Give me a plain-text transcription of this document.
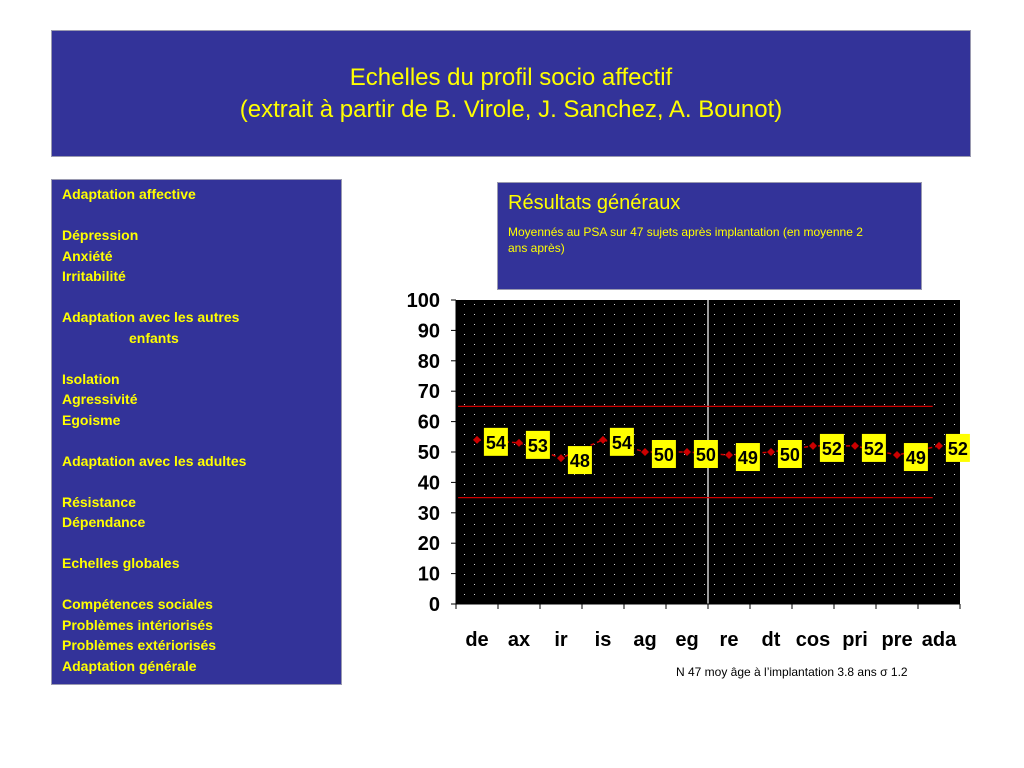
Echelles du profil socio affectif
(extrait à partir de B. Virole, J. Sanchez, A. Bounot)
Adaptation affective
Dépression
Anxiété
Irritabilité
Adaptation avec les autres
enfants
Isolation
Agressivité
Egoisme
Adaptation avec les adultes
Résistance
Dépendance
Echelles globales
Compétences sociales
Problèmes intériorisés
Problèmes extériorisés
Adaptation générale
Résultats généraux
Moyennés au PSA sur 47 sujets après implantation (en moyenne 2 ans après)
0
10
20
30
40
50
60
70
80
90
100
de ax ir is ag eg re dt cos pri pre ada
54 53
48
54
50 50 49 50 52 52 49 52
N 47 moy âge à l’implantation 3.8 ans σ 1.2
